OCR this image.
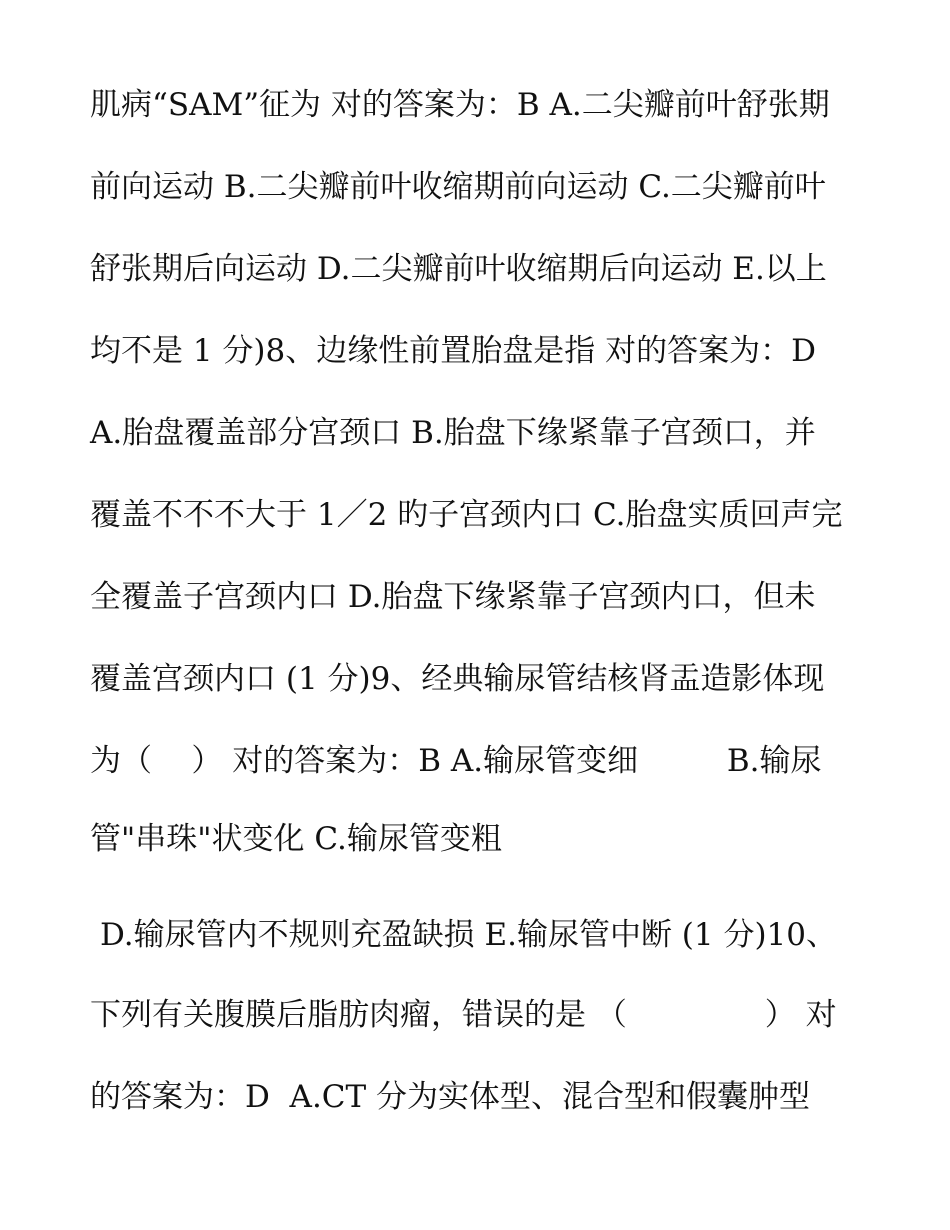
肌病“SAM”征为 对的答案为：B A.二尖瓣前叶舒张期
前向运动 B.二尖瓣前叶收缩期前向运动 C.二尖瓣前叶
舒张期后向运动 D.二尖瓣前叶收缩期后向运动 E.以上
均不是 1 分)8、边缘性前置胎盘是指 对的答案为：D
A.胎盘覆盖部分宫颈口 B.胎盘下缘紧靠子宫颈口，并
覆盖不不不大于 1／2 旳子宫颈内口 C.胎盘实质回声完
全覆盖子宫颈内口 D.胎盘下缘紧靠子宫颈内口，但未
覆盖宫颈内口 (1 分)9、经典输尿管结核肾盂造影体现
为（    ） 对的答案为：B A.输尿管变细         B.输尿
管"串珠"状变化 C.输尿管变粗
D.输尿管内不规则充盈缺损 E.输尿管中断 (1 分)10、
下列有关腹膜后脂肪肉瘤，错误的是 （              ） 对
的答案为：D  A.CT 分为实体型、混合型和假囊肿型
